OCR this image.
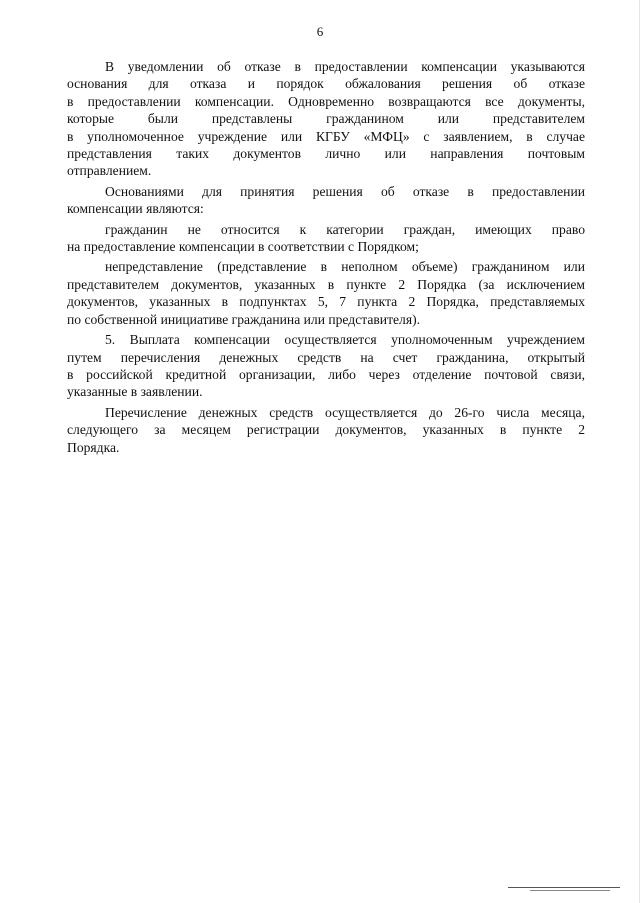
6

В уведомлении об отказе в предоставлении компенсации указываются
основания для отказа и порядок обжалования решения об отказе
в предоставлении компенсации. Одновременно возвращаются все документы,
которые были представлены гражданином или представителем
в уполномоченное учреждение или КГБУ «МФЦ» с заявлением, в случае
представления таких документов лично или направления почтовым
отправлением.

Основаниями для принятия решения об отказе в предоставлении
компенсации являются:

гражданин не относится к категории граждан, имеющих право
на предоставление компенсации в соответствии с Порядком;

непредставление (представление в неполном объеме) гражданином или
представителем документов, указанных в пункте 2 Порядка (за исключением
документов, указанных в подпунктах 5, 7 пункта 2 Порядка, представляемых
по собственной инициативе гражданина или представителя).

5. Выплата компенсации осуществляется уполномоченным учреждением
путем перечисления денежных средств на счет гражданина, открытый
в российской кредитной организации, либо через отделение почтовой связи,
указанные в заявлении.

Перечисление денежных средств осуществляется до 26-го числа месяца,
следующего за месяцем регистрации документов, указанных в пункте 2
Порядка.
